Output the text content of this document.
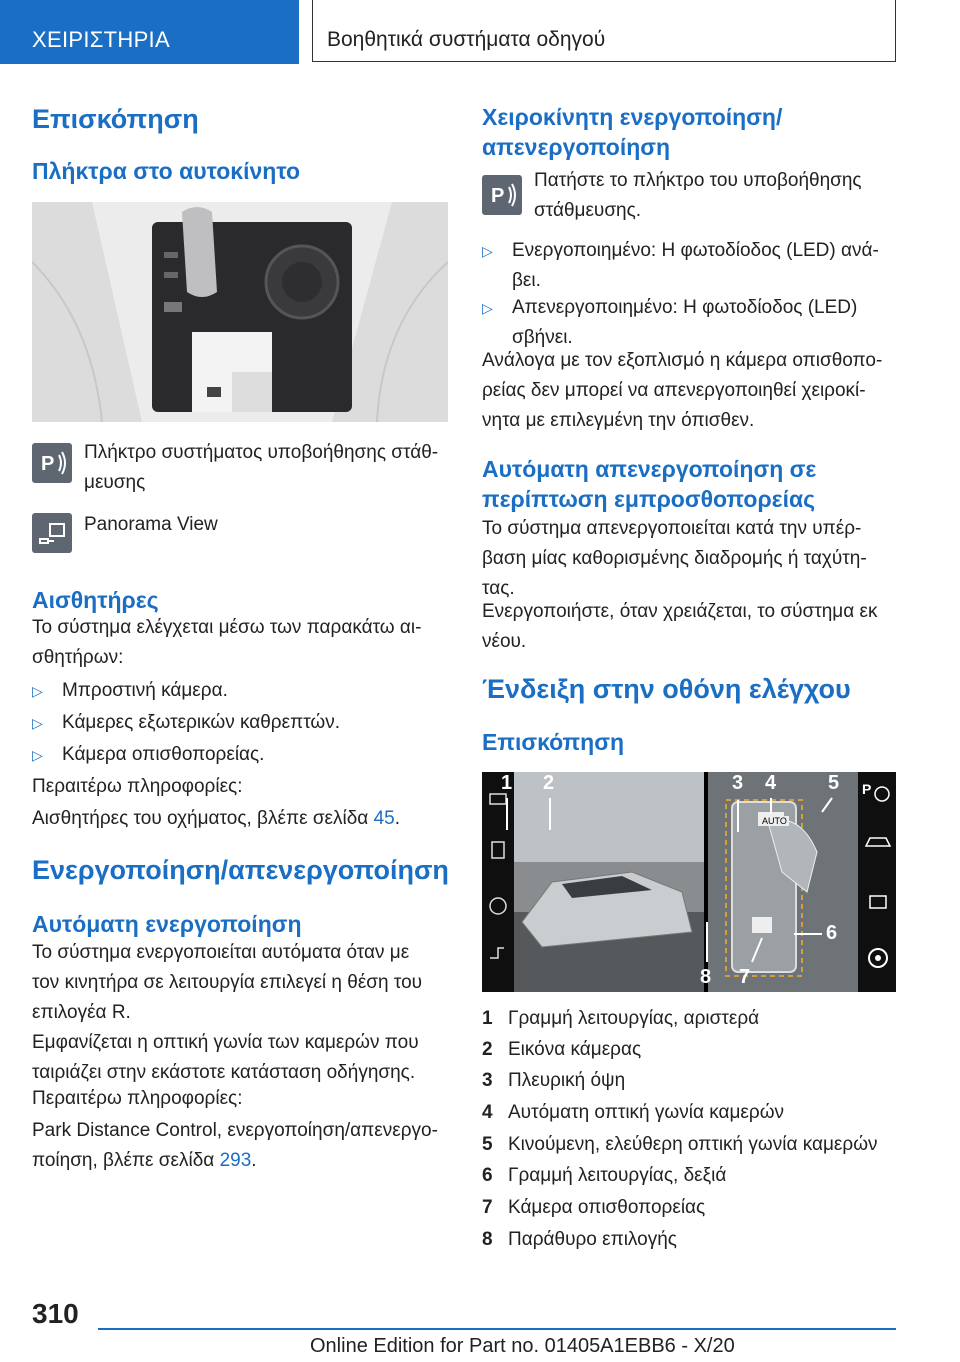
ΧΕΙΡΙΣΤΗΡΙΑ	Βοηθητικά συστήματα οδηγού
Επισκόπηση
Πλήκτρα στο αυτοκίνητο
P
Πλήκτρο συστήματος υποβοήθησης στάθ-
μευσης
Panorama View
Αισθητήρες
Το σύστημα ελέγχεται μέσω των παρακάτω αι-
σθητήρων:
▷ Μπροστινή κάμερα.
▷ Κάμερες εξωτερικών καθρεπτών.
▷ Κάμερα οπισθοπορείας.
Περαιτέρω πληροφορίες:
Αισθητήρες του οχήματος, βλέπε σελίδα 45.
Ενεργοποίηση/απενεργοποίηση
Αυτόματη ενεργοποίηση
Το σύστημα ενεργοποιείται αυτόματα όταν με
τον κινητήρα σε λειτουργία επιλεγεί η θέση του
επιλογέα R.
Εμφανίζεται η οπτική γωνία των καμερών που
ταιριάζει στην εκάστοτε κατάσταση οδήγησης.
Περαιτέρω πληροφορίες:
Park Distance Control, ενεργοποίηση/απενεργο-
ποίηση, βλέπε σελίδα 293.
Χειροκίνητη ενεργοποίηση/
απενεργοποίηση
P
Πατήστε το πλήκτρο του υποβοήθησης
στάθμευσης.
▷ Ενεργοποιημένο: Η φωτοδίοδος (LED) ανά-
βει.
▷ Απενεργοποιημένο: Η φωτοδίοδος (LED)
σβήνει.
Ανάλογα με τον εξοπλισμό η κάμερα οπισθοπο-
ρείας δεν μπορεί να απενεργοποιηθεί χειροκί-
νητα με επιλεγμένη την όπισθεν.
Αυτόματη απενεργοποίηση σε
περίπτωση εμπροσθοπορείας
Το σύστημα απενεργοποιείται κατά την υπέρ-
βαση μίας καθορισμένης διαδρομής ή ταχύτη-
τας.
Ενεργοποιήστε, όταν χρειάζεται, το σύστημα εκ
νέου.
Ένδειξη στην οθόνη ελέγχου
Επισκόπηση
P
1 2	3 4	5
6
7
8
AUTO
1 Γραμμή λειτουργίας, αριστερά
2 Εικόνα κάμερας
3 Πλευρική όψη
4 Αυτόματη οπτική γωνία καμερών
5 Κινούμενη, ελεύθερη οπτική γωνία καμερών
6 Γραμμή λειτουργίας, δεξιά
7 Κάμερα οπισθοπορείας
8 Παράθυρο επιλογής
310
Online Edition for Part no. 01405A1EBB6 - X/20
